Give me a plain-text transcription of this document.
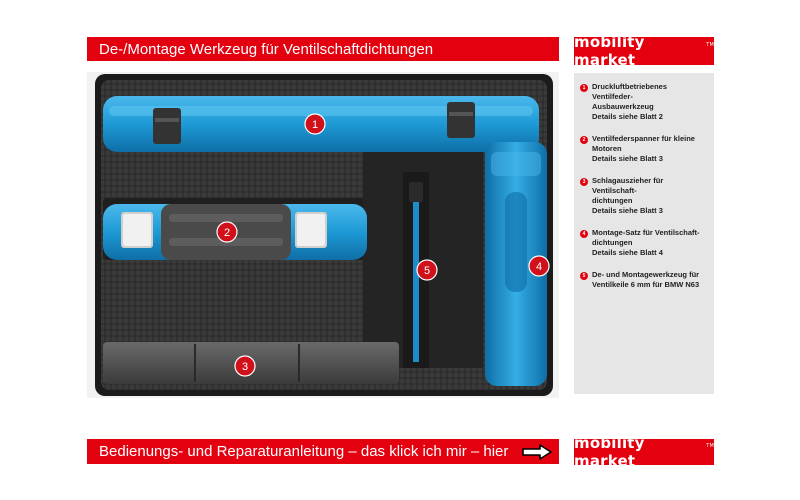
De-/Montage Werkzeug für Ventilschaftdichtungen	mobility market
™
1
2
3
4
5
1 Druckluftbetriebenes Ventilfeder-
Ausbauwerkzeug
Details siehe Blatt 2
2 Ventilfederspanner für kleine
Motoren
Details siehe Blatt 3
3 Schlagauszieher für Ventilschaft-
dichtungen
Details siehe Blatt 3
4 Montage-Satz für Ventilschaft-
dichtungen
Details siehe Blatt 4
5 De- und Montagewerkzeug für
Ventilkeile 6 mm für BMW N63
Bedienungs- und Reparaturanleitung – das klick ich mir – hier	mobility market
™
